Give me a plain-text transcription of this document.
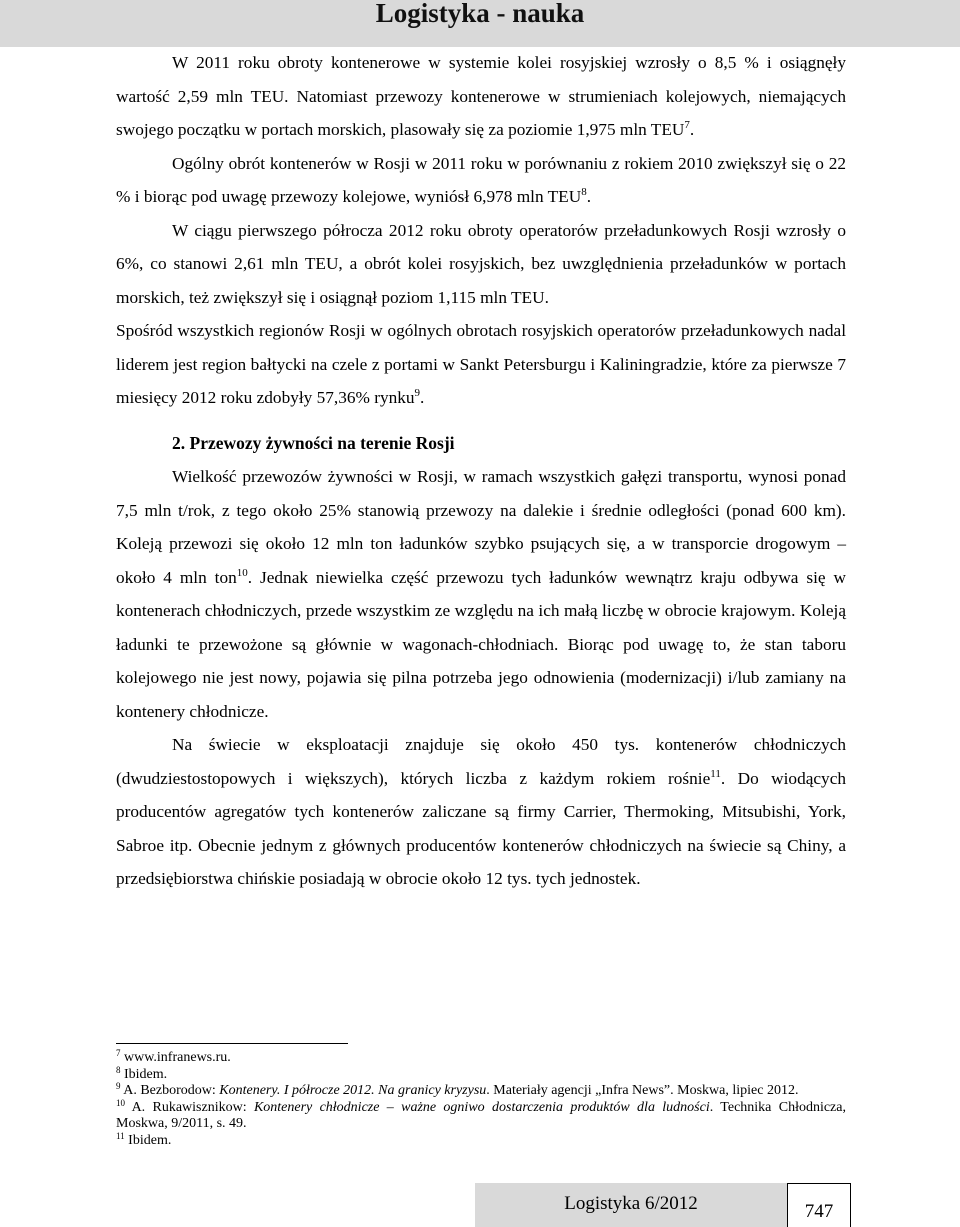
Logistyka - nauka

W 2011 roku obroty kontenerowe w systemie kolei rosyjskiej wzrosły o 8,5 % i osiągnęły wartość 2,59 mln TEU. Natomiast przewozy kontenerowe w strumieniach kolejowych, niemających swojego początku w portach morskich, plasowały się za poziomie 1,975 mln TEU$^7$.

Ogólny obrót kontenerów w Rosji w 2011 roku w porównaniu z rokiem 2010 zwiększył się o 22 % i biorąc pod uwagę przewozy kolejowe, wyniósł 6,978 mln TEU$^8$.

W ciągu pierwszego półrocza 2012 roku obroty operatorów przeładunkowych Rosji wzrosły o 6%, co stanowi 2,61 mln TEU, a obrót kolei rosyjskich, bez uwzględnienia przeładunków w portach morskich, też zwiększył się i osiągnął poziom 1,115 mln TEU.

Spośród wszystkich regionów Rosji w ogólnych obrotach rosyjskich operatorów przeładunkowych nadal liderem jest region bałtycki na czele z portami w Sankt Petersburgu i Kaliningradzie, które za pierwsze 7 miesięcy 2012 roku zdobyły 57,36% rynku$^9$.

2. Przewozy żywności na terenie Rosji

Wielkość przewozów żywności w Rosji, w ramach wszystkich gałęzi transportu, wynosi ponad 7,5 mln t/rok, z tego około 25% stanowią przewozy na dalekie i średnie odległości (ponad 600 km). Koleją przewozi się około 12 mln ton ładunków szybko psujących się, a w transporcie drogowym – około 4 mln ton$^{10}$. Jednak niewielka część przewozu tych ładunków wewnątrz kraju odbywa się w kontenerach chłodniczych, przede wszystkim ze względu na ich małą liczbę w obrocie krajowym. Koleją ładunki te przewożone są głównie w wagonach-chłodniach. Biorąc pod uwagę to, że stan taboru kolejowego nie jest nowy, pojawia się pilna potrzeba jego odnowienia (modernizacji) i/lub zamiany na kontenery chłodnicze.

Na świecie w eksploatacji znajduje się około 450 tys. kontenerów chłodniczych (dwudziestostopowych i większych), których liczba z każdym rokiem rośnie$^{11}$. Do wiodących producentów agregatów tych kontenerów zaliczane są firmy Carrier, Thermoking, Mitsubishi, York, Sabroe itp. Obecnie jednym z głównych producentów kontenerów chłodniczych na świecie są Chiny, a przedsiębiorstwa chińskie posiadają w obrocie około 12 tys. tych jednostek.

$^7$ www.infranews.ru.

$^8$ Ibidem.

$^9$ A. Bezborodow: Kontenery. I półrocze 2012. Na granicy kryzysu. Materiały agencji „Infra News”. Moskwa, lipiec 2012.

$^{10}$ A. Rukawisznikow: Kontenery chłodnicze – ważne ogniwo dostarczenia produktów dla ludności. Technika Chłodnicza, Moskwa, 9/2011, s. 49.

$^{11}$ Ibidem.

Logistyka 6/2012	747
